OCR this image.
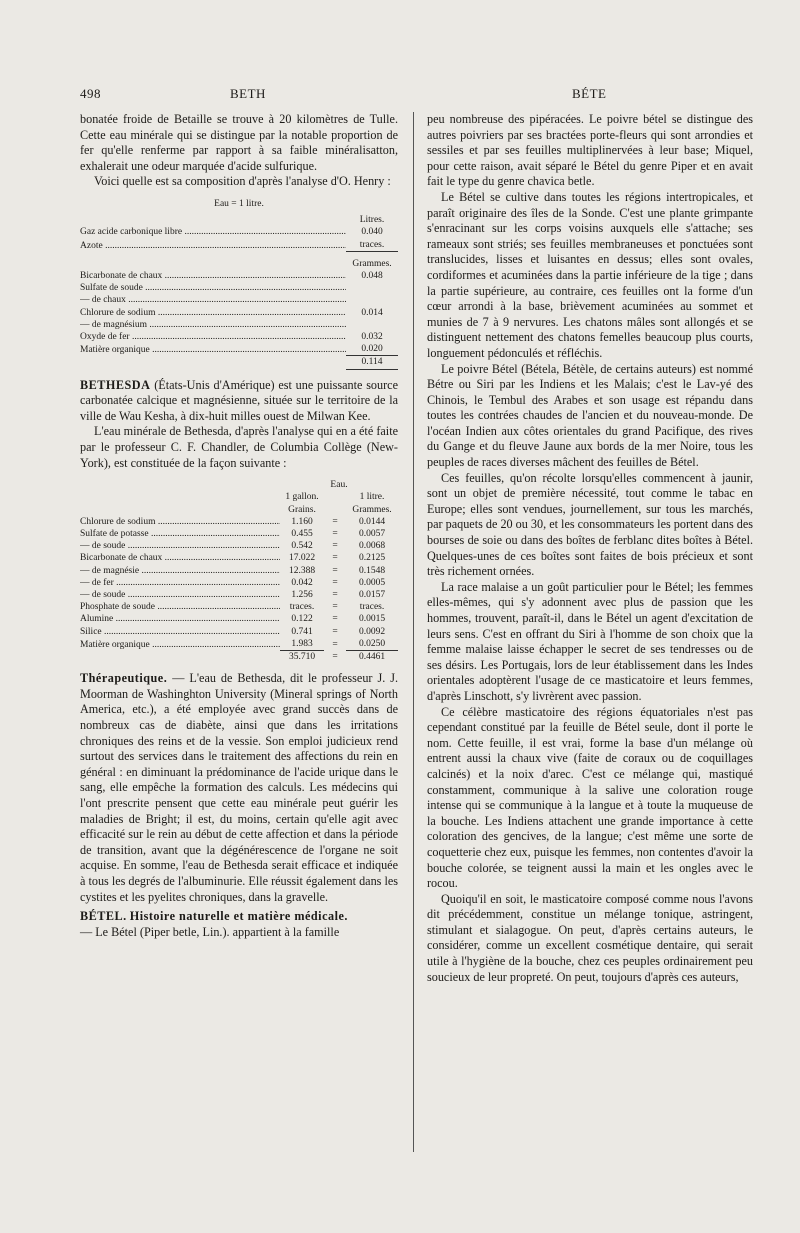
498	BETH	BÉTE

bonatée froide de Betaille se trouve à 20 kilomètres de Tulle. Cette eau minérale qui se distingue par la notable proportion de fer qu'elle renferme par rapport à sa faible minéralisatton, exhalerait une odeur marquée d'acide sulfurique.

Voici quelle est sa composition d'après l'analyse d'O. Henry :

Eau = 1 litre.
Litres.
Gaz acide carbonique libre .....	0.040
Azote .....	traces.
Grammes.
Bicarbonate de chaux .....	0.048
Sulfate de soude .....
— de chaux .....
Chlorure de sodium .....	0.014
— de magnésium .....
Oxyde de fer .....	0.032
Matière organique .....	0.020
0.114

BETHESDA (États-Unis d'Amérique) est une puissante source carbonatée calcique et magnésienne, située sur le territoire de la ville de Wau Kesha, à dix-huit milles ouest de Milwan Kee.

L'eau minérale de Bethesda, d'après l'analyse qui en a été faite par le professeur C. F. Chandler, de Columbia Collège (New-York), est constituée de la façon suivante :

Eau.
1 gallon.	1 litre.
Grains.	Grammes.
Chlorure de sodium .....	1.160	=	0.0144
Sulfate de potasse .....	0.455	=	0.0057
— de soude .....	0.542	=	0.0068
Bicarbonate de chaux .....	17.022	=	0.2125
— de magnésie .....	12.388	=	0.1548
— de fer .....	0.042	=	0.0005
— de soude .....	1.256	=	0.0157
Phosphate de soude .....	traces.	=	traces.
Alumine .....	0.122	=	0.0015
Silice .....	0.741	=	0.0092
Matière organique .....	1.983	=	0.0250
35.710	=	0.4461

Thérapeutique. — L'eau de Bethesda, dit le professeur J. J. Moorman de Washinghton University (Mineral springs of North America, etc.), a été employée avec grand succès dans de nombreux cas de diabète, ainsi que dans les irritations chroniques des reins et de la vessie. Son emploi judicieux rend surtout des services dans le traitement des affections du rein en général : en diminuant la prédominance de l'acide urique dans le sang, elle empêche la formation des calculs. Les médecins qui l'ont prescrite pensent que cette eau minérale peut guérir les maladies de Bright; il est, du moins, certain qu'elle agit avec efficacité sur le rein au début de cette affection et dans la période de transition, avant que la dégénérescence de l'organe ne soit acquise. En somme, l'eau de Bethesda serait efficace et indiquée à tous les degrés de l'albuminurie. Elle réussit également dans les cystites et les pyelites chroniques, dans la gravelle.

BÉTEL. Histoire naturelle et matière médicale.

— Le Bétel (Piper betle, Lin.). appartient à la famille

peu nombreuse des pipéracées. Le poivre bétel se distingue des autres poivriers par ses bractées porte-fleurs qui sont arrondies et sessiles et par ses feuilles multiplinervées à leur base; Miquel, pour cette raison, avait séparé le Bétel du genre Piper et en avait fait le type du genre chavica betle.

Le Bétel se cultive dans toutes les régions intertropicales, et paraît originaire des îles de la Sonde. C'est une plante grimpante s'enracinant sur les corps voisins auxquels elle s'attache; ses rameaux sont striés; ses feuilles membraneuses et ponctuées sont translucides, lisses et luisantes en dessus; elles sont ovales, cordiformes et acuminées dans la partie inférieure de la tige ; dans la partie supérieure, au contraire, ces feuilles ont la forme d'un cœur arrondi à la base, brièvement acuminées au sommet et munies de 7 à 9 nervures. Les chatons mâles sont allongés et se distinguent nettement des chatons femelles beaucoup plus courts, longuement pédonculés et réfléchis.

Le poivre Bétel (Bételа, Bétèle, de certains auteurs) est nommé Bétre ou Siri par les Indiens et les Malais; c'est le Lav-yé des Chinois, le Tembul des Arabes et son usage est répandu dans toutes les contrées chaudes de l'ancien et du nouveau-monde. De l'océan Indien aux côtes orientales du grand Pacifique, des rives du Gange et du fleuve Jaune aux bords de la mer Noire, tous les peuples de races diverses mâchent des feuilles de Bétel.

Ces feuilles, qu'on récolte lorsqu'elles commencent à jaunir, sont un objet de première nécessité, tout comme le tabac en Europe; elles sont vendues, journellement, sur tous les marchés, par paquets de 20 ou 30, et les consommateurs les portent dans des bourses de soie ou dans des boîtes de ferblanc dites boîtes à Bétel. Quelques-unes de ces boîtes sont faites de bois précieux et sont très richement ornées.

La race malaise a un goût particulier pour le Bétel; les femmes elles-mêmes, qui s'y adonnent avec plus de passion que les hommes, trouvent, paraît-il, dans le Bétel un agent d'excitation de leurs sens. C'est en offrant du Siri à l'homme de son choix que la femme malaise laisse échapper le secret de ses tendresses ou de ses désirs. Les Portugais, lors de leur établissement dans les Indes orientales adoptèrent l'usage de ce masticatoire et leurs femmes, d'après Linschott, s'y livrèrent avec passion.

Ce célèbre masticatoire des régions équatoriales n'est pas cependant constitué par la feuille de Bétel seule, dont il porte le nom. Cette feuille, il est vrai, forme la base d'un mélange où entrent aussi la chaux vive (faite de coraux ou de coquillages calcinés) et la noix d'arec. C'est ce mélange qui, mastiqué constamment, communique à la salive une coloration rouge intense qui se communique à la langue et à toute la muqueuse de la bouche. Les Indiens attachent une grande importance à cette coloration des gencives, de la langue; c'est même une sorte de coquetterie chez eux, puisque les femmes, non contentes d'avoir la bouche colorée, se teignent aussi la main et les ongles avec le rocou.

Quoiqu'il en soit, le masticatoire composé comme nous l'avons dit précédemment, constitue un mélange tonique, astringent, stimulant et sialagogue. On peut, d'après certains auteurs, le considérer, comme un excellent cosmétique dentaire, qui serait utile à l'hygiène de la bouche, chez ces peuples ordinairement peu soucieux de leur propreté. On peut, toujours d'après ces auteurs,
